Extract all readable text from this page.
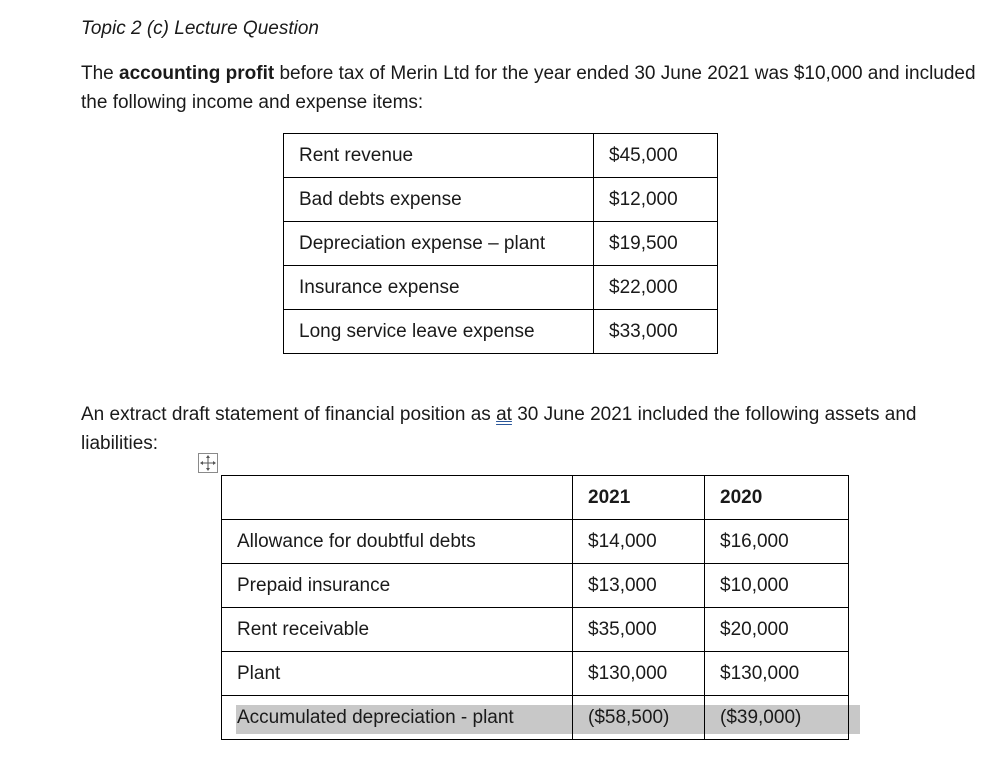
Topic 2 (c) Lecture Question
The accounting profit before tax of Merin Ltd for the year ended 30 June 2021 was $10,000 and included the following income and expense items:
Rent revenue	$45,000
Bad debts expense	$12,000
Depreciation expense – plant	$19,500
Insurance expense	$22,000
Long service leave expense	$33,000
An extract draft statement of financial position as at 30 June 2021 included the following assets and liabilities:
	2021	2020
Allowance for doubtful debts	$14,000	$16,000
Prepaid insurance	$13,000	$10,000
Rent receivable	$35,000	$20,000
Plant	$130,000	$130,000
Accumulated depreciation - plant	($58,500)	($39,000)
